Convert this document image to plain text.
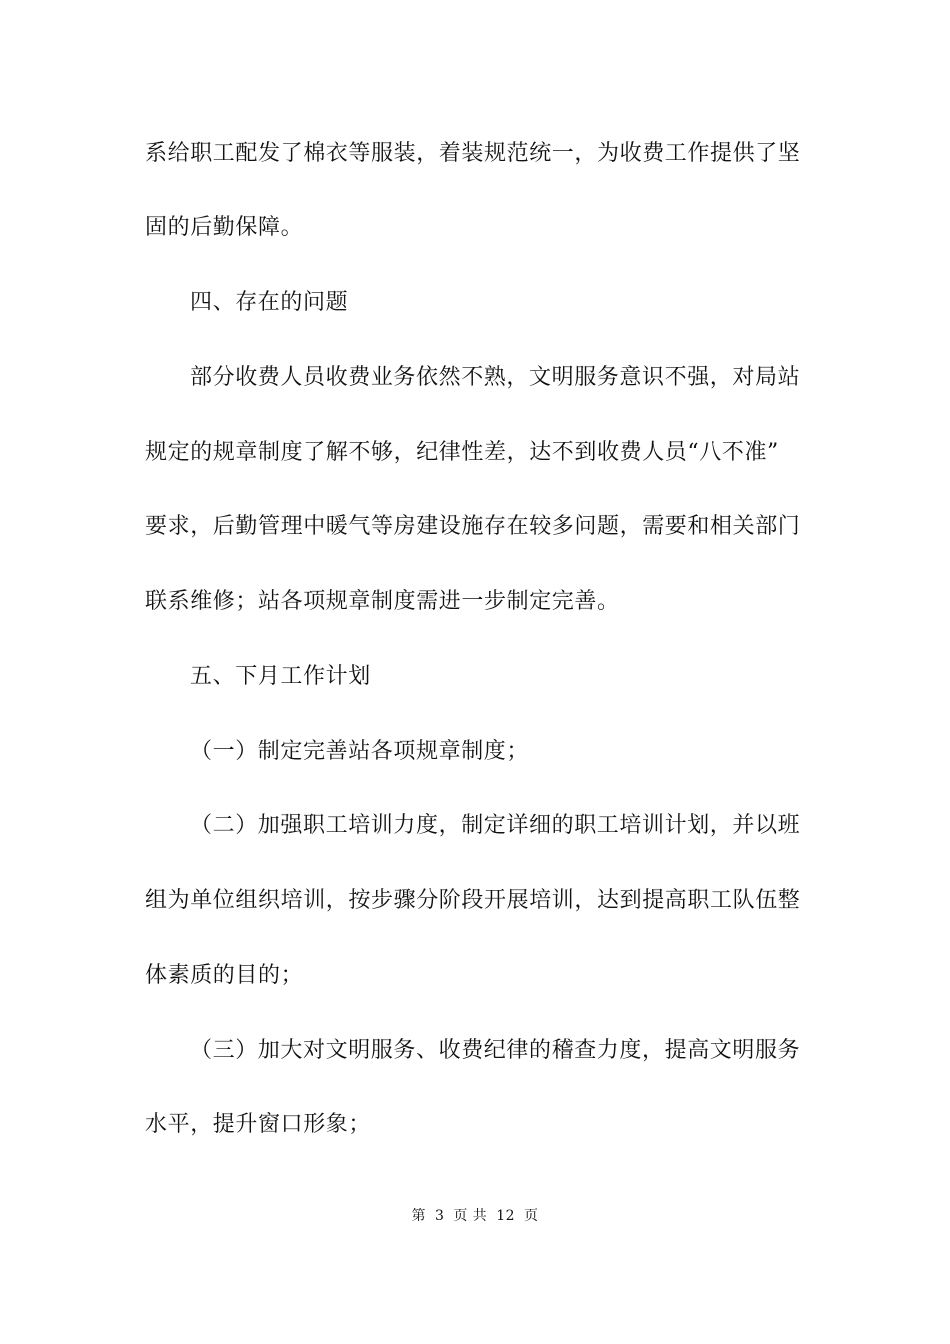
系给职工配发了棉衣等服装，着装规范统一，为收费工作提供了坚
固的后勤保障。
四、存在的问题
部分收费人员收费业务依然不熟，文明服务意识不强，对局站
规定的规章制度了解不够，纪律性差，达不到收费人员“八不准”
要求，后勤管理中暖气等房建设施存在较多问题，需要和相关部门
联系维修；站各项规章制度需进一步制定完善。
五、下月工作计划
（一）制定完善站各项规章制度；
（二）加强职工培训力度，制定详细的职工培训计划，并以班
组为单位组织培训，按步骤分阶段开展培训，达到提高职工队伍整
体素质的目的；
（三）加大对文明服务、收费纪律的稽查力度，提高文明服务
水平，提升窗口形象；
第 3 页 共 12 页
